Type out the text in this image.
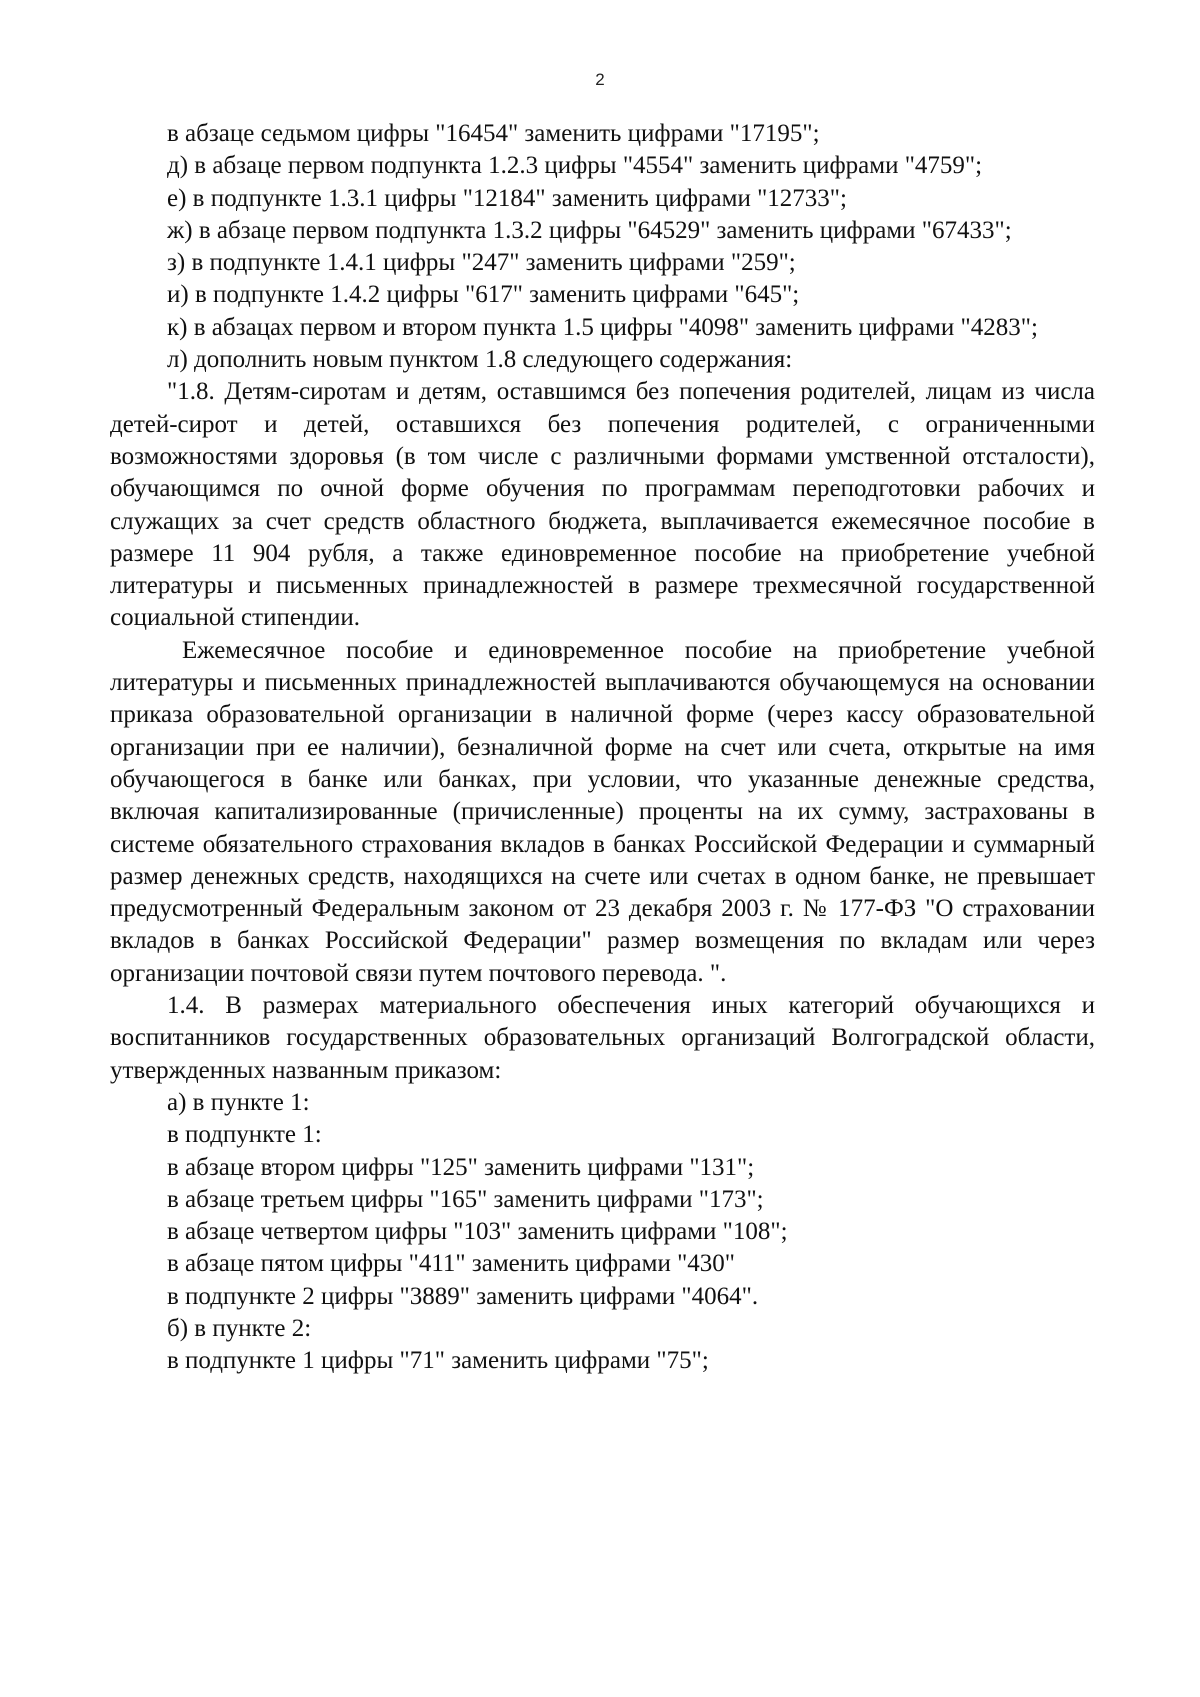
2

в абзаце седьмом цифры "16454" заменить цифрами "17195";

д) в абзаце первом подпункта 1.2.3 цифры "4554" заменить цифрами "4759";

е) в подпункте 1.3.1 цифры "12184" заменить цифрами "12733";

ж) в абзаце первом подпункта 1.3.2 цифры "64529" заменить цифрами "67433";

з) в подпункте 1.4.1 цифры "247" заменить цифрами "259";

и) в подпункте 1.4.2 цифры "617" заменить цифрами "645";

к) в абзацах первом и втором пункта 1.5 цифры "4098" заменить цифрами "4283";

л) дополнить новым пунктом 1.8 следующего содержания:

"1.8. Детям-сиротам и детям, оставшимся без попечения родителей, лицам из числа детей-сирот и детей, оставшихся без попечения родителей, с ограниченными возможностями здоровья (в том числе с различными формами умственной отсталости), обучающимся по очной форме обучения по программам переподготовки рабочих и служащих за счет средств областного бюджета, выплачивается ежемесячное пособие в размере 11 904 рубля, а также единовременное пособие на приобретение учебной литературы и письменных принадлежностей в размере трехмесячной государственной социальной стипендии.

Ежемесячное пособие и единовременное пособие на приобретение учебной литературы и письменных принадлежностей выплачиваются обучающемуся на основании приказа образовательной организации в наличной форме (через кассу образовательной организации при ее наличии), безналичной форме на счет или счета, открытые на имя обучающегося в банке или банках, при условии, что указанные денежные средства, включая капитализированные (причисленные) проценты на их сумму, застрахованы в системе обязательного страхования вкладов в банках Российской Федерации и суммарный размер денежных средств, находящихся на счете или счетах в одном банке, не превышает предусмотренный Федеральным законом от 23 декабря 2003 г. № 177-ФЗ "О страховании вкладов в банках Российской Федерации" размер возмещения по вкладам или через организации почтовой связи путем почтового перевода. ".

1.4. В размерах материального обеспечения иных категорий обучающихся и воспитанников государственных образовательных организаций Волгоградской области, утвержденных названным приказом:

а) в пункте 1:

в подпункте 1:

в абзаце втором цифры "125" заменить цифрами "131";

в абзаце третьем цифры "165" заменить цифрами "173";

в абзаце четвертом цифры "103" заменить цифрами "108";

в абзаце пятом цифры "411" заменить цифрами "430"

в подпункте 2 цифры "3889" заменить цифрами "4064".

б) в пункте 2:

в подпункте 1 цифры "71" заменить цифрами "75";
